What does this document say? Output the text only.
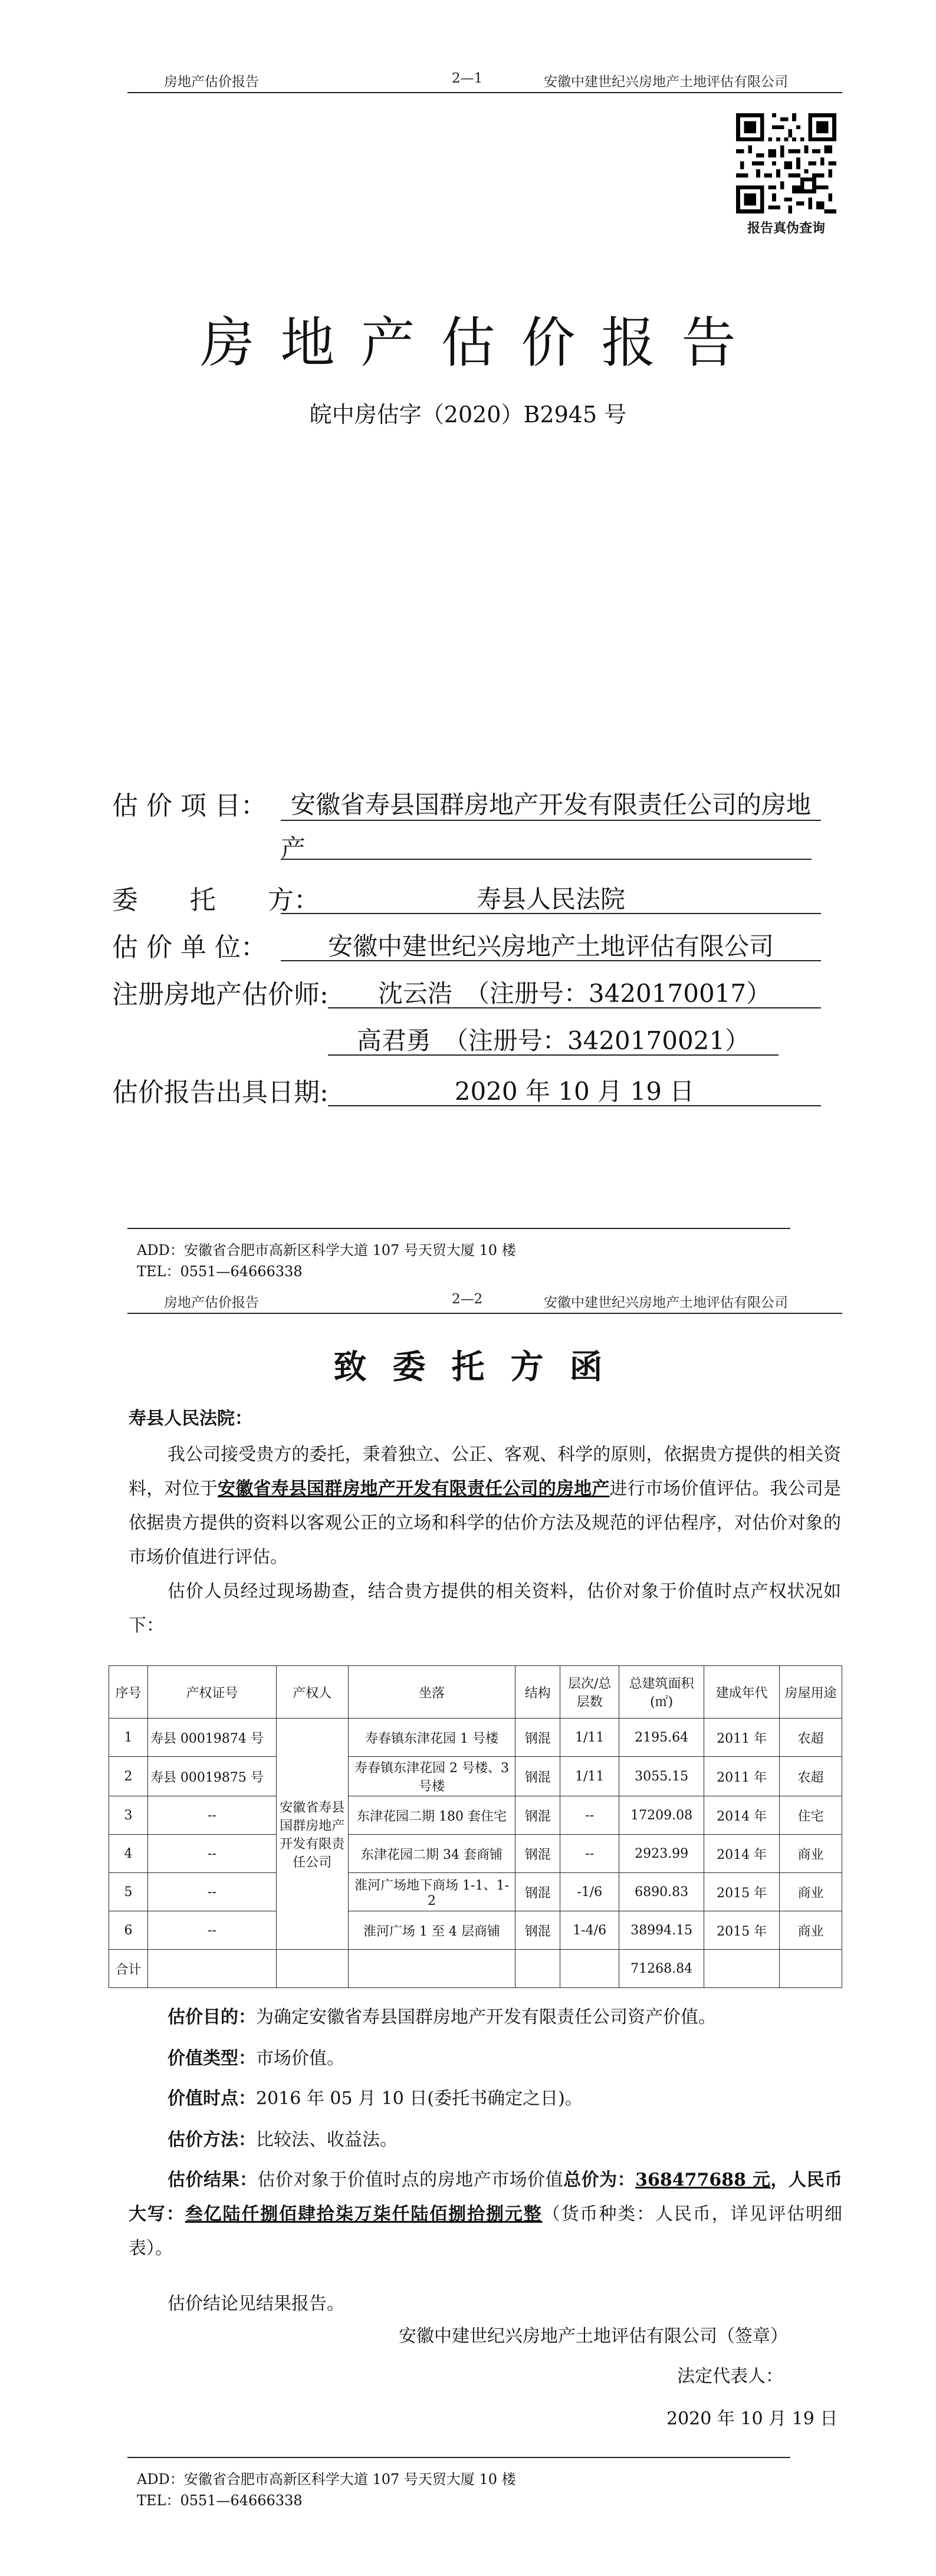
房地产估价报告	2—1	安徽中建世纪兴房地产土地评估有限公司
报告真伪查询
房地产估价报告
皖中房估字（2020）B2945 号
估 价 项 目： 安徽省寿县国群房地产开发有限责任公司的房地
产
委　　托　　方：	寿县人民法院
估 价 单 位：	安徽中建世纪兴房地产土地评估有限公司
注册房地产估价师:	沈云浩　（注册号：3420170017）
高君勇　（注册号：3420170021）
估价报告出具日期:	2020 年 10 月 19 日
ADD：安徽省合肥市高新区科学大道 107 号天贸大厦 10 楼
TEL：0551—64666338
房地产估价报告	2—2	安徽中建世纪兴房地产土地评估有限公司
致委托方函
寿县人民法院：
我公司接受贵方的委托，秉着独立、公正、客观、科学的原则，依据贵方提供的相关资料，对位于安徽省寿县国群房地产开发有限责任公司的房地产进行市场价值评估。我公司是依据贵方提供的资料以客观公正的立场和科学的估价方法及规范的评估程序，对估价对象的市场价值进行评估。
估价人员经过现场勘查，结合贵方提供的相关资料，估价对象于价值时点产权状况如下：
序号	产权证号	产权人	坐落	结构	层次/总层数	总建筑面积(㎡)	建成年代	房屋用途
1	寿县 00019874 号	安徽省寿县国群房地产开发有限责任公司	寿春镇东津花园 1 号楼	钢混	1/11	2195.64	2011 年	农超
2	寿县 00019875 号		寿春镇东津花园 2 号楼、3 号楼	钢混	1/11	3055.15	2011 年	农超
3	--		东津花园二期 180 套住宅	钢混	--	17209.08	2014 年	住宅
4	--		东津花园二期 34 套商铺	钢混	--	2923.99	2014 年	商业
5	--		淮河广场地下商场 1-1、1-2	钢混	-1/6	6890.83	2015 年	商业
6	--		淮河广场 1 至 4 层商铺	钢混	1-4/6	38994.15	2015 年	商业
合计						71268.84		
估价目的：为确定安徽省寿县国群房地产开发有限责任公司资产价值。
价值类型：市场价值。
价值时点：2016 年 05 月 10 日(委托书确定之日)。
估价方法：比较法、收益法。
估价结果：估价对象于价值时点的房地产市场价值总价为：368477688 元，人民币大写：叁亿陆仟捌佰肆拾柒万柒仟陆佰捌拾捌元整（货币种类：人民币，详见评估明细表）。
估价结论见结果报告。
安徽中建世纪兴房地产土地评估有限公司（签章）
法定代表人：
2020 年 10 月 19 日
ADD：安徽省合肥市高新区科学大道 107 号天贸大厦 10 楼
TEL：0551—64666338
